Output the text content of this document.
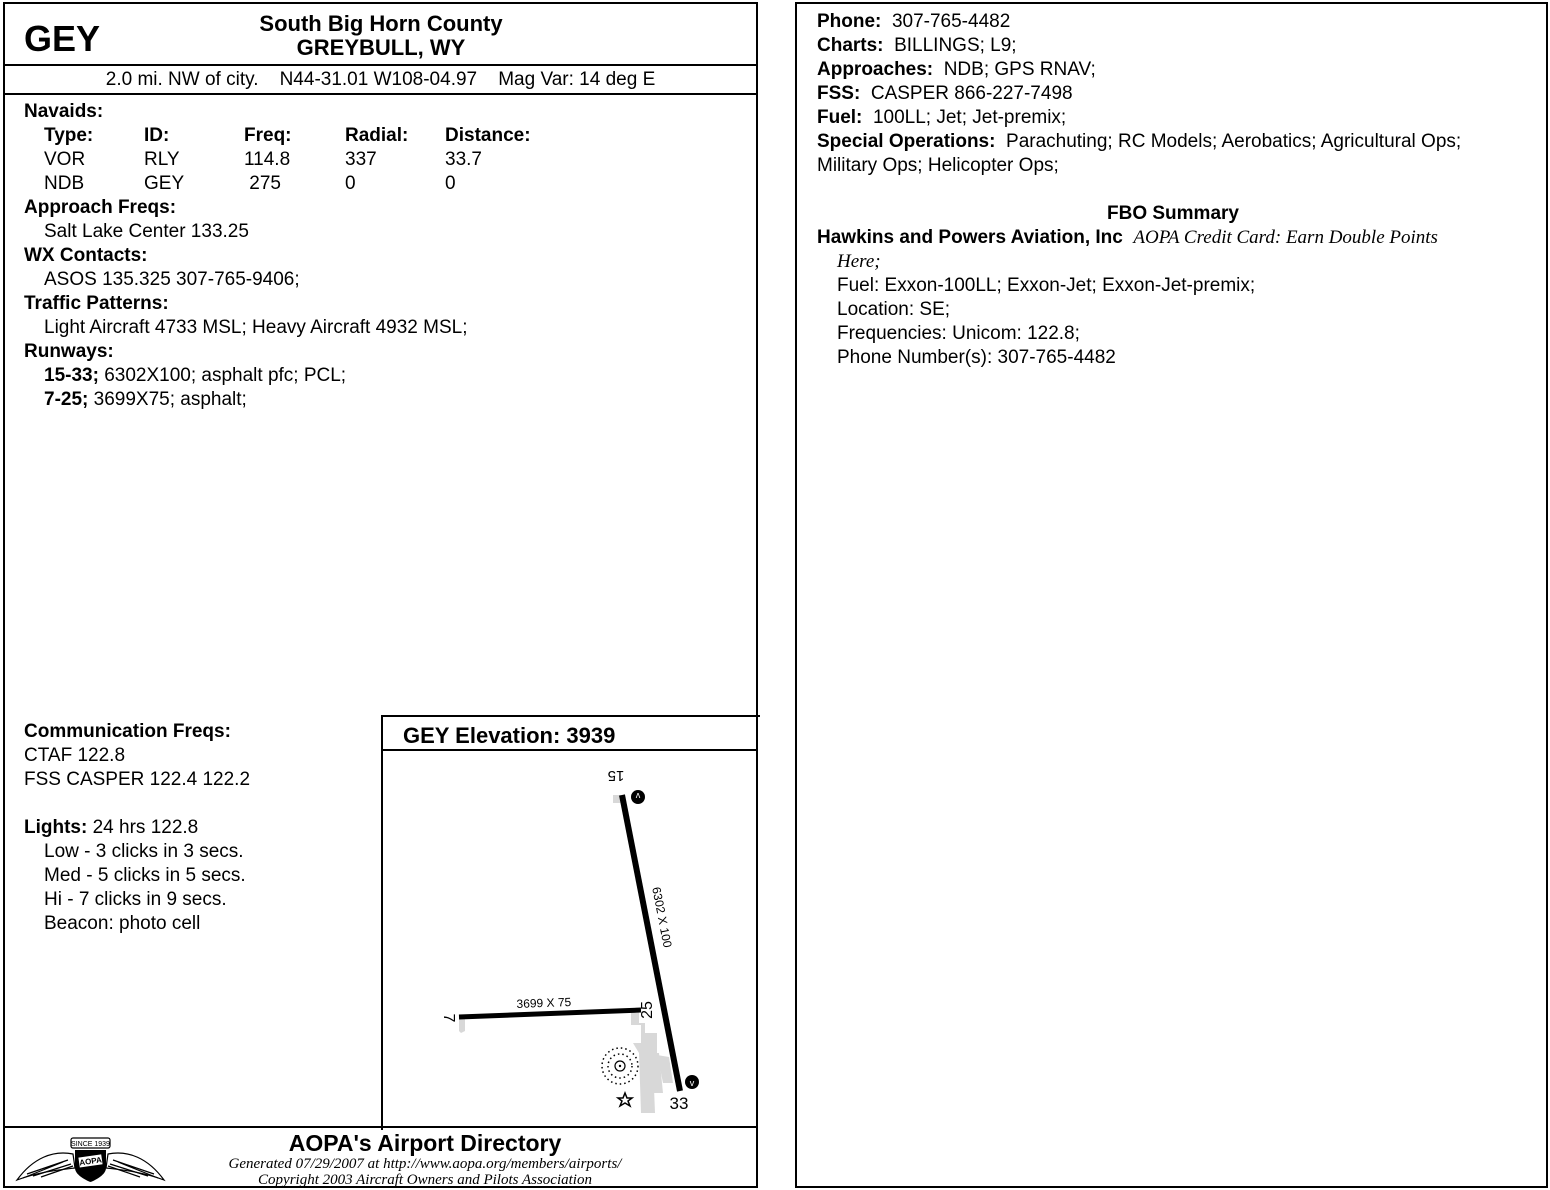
GEY	South Big Horn County
GREYBULL, WY
2.0 mi. NW of city.    N44-31.01 W108-04.97    Mag Var: 14 deg E
Navaids:
Type:	ID:	Freq:	Radial:	Distance:
VOR	RLY	114.8	337	33.7
NDB	GEY	275	0	0
Approach Freqs:
Salt Lake Center 133.25
WX Contacts:
ASOS 135.325 307-765-9406;
Traffic Patterns:
Light Aircraft 4733 MSL; Heavy Aircraft 4932 MSL;
Runways:
15-33; 6302X100; asphalt pfc; PCL;
7-25; 3699X75; asphalt;
Communication Freqs:
CTAF 122.8
FSS CASPER 122.4 122.2
Lights: 24 hrs 122.8
Low - 3 clicks in 3 secs.
Med - 5 clicks in 5 secs.
Hi - 7 clicks in 9 secs.
Beacon: photo cell
GEY Elevation: 3939
v
v
15
33
7	25
6302 X 100
3699 X 75
SINCE 1939
AOPA
AOPA's Airport Directory
Generated 07/29/2007 at http://www.aopa.org/members/airports/
Copyright 2003 Aircraft Owners and Pilots Association
Phone: 307-765-4482
Charts: BILLINGS; L9;
Approaches: NDB; GPS RNAV;
FSS: CASPER 866-227-7498
Fuel: 100LL; Jet; Jet-premix;
Special Operations: Parachuting; RC Models; Aerobatics; Agricultural Ops;
Military Ops; Helicopter Ops;
FBO Summary
Hawkins and Powers Aviation, Inc AOPA Credit Card: Earn Double Points
Here;
Fuel: Exxon-100LL; Exxon-Jet; Exxon-Jet-premix;
Location: SE;
Frequencies: Unicom: 122.8;
Phone Number(s): 307-765-4482
